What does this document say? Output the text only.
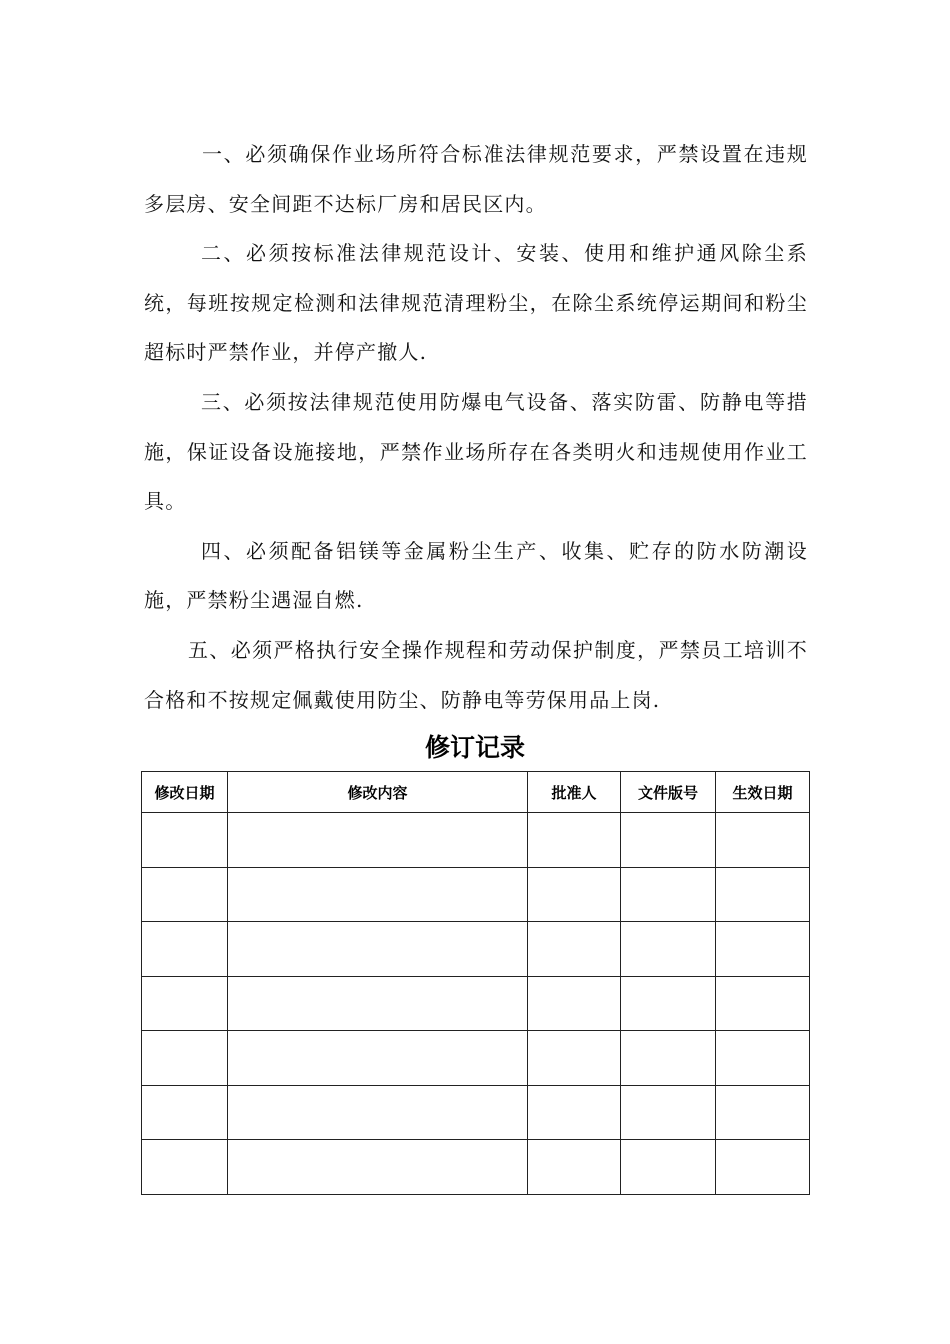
一、必须确保作业场所符合标准法律规范要求，严禁设置在违规多层房、安全间距不达标厂房和居民区内。

二、必须按标准法律规范设计、安装、使用和维护通风除尘系统，每班按规定检测和法律规范清理粉尘，在除尘系统停运期间和粉尘超标时严禁作业，并停产撤人.

三、必须按法律规范使用防爆电气设备、落实防雷、防静电等措施，保证设备设施接地，严禁作业场所存在各类明火和违规使用作业工具。

四、必须配备铝镁等金属粉尘生产、收集、贮存的防水防潮设施，严禁粉尘遇湿自燃.

五、必须严格执行安全操作规程和劳动保护制度，严禁员工培训不合格和不按规定佩戴使用防尘、防静电等劳保用品上岗.

修订记录
修改日期	修改内容	批准人	文件版号	生效日期
